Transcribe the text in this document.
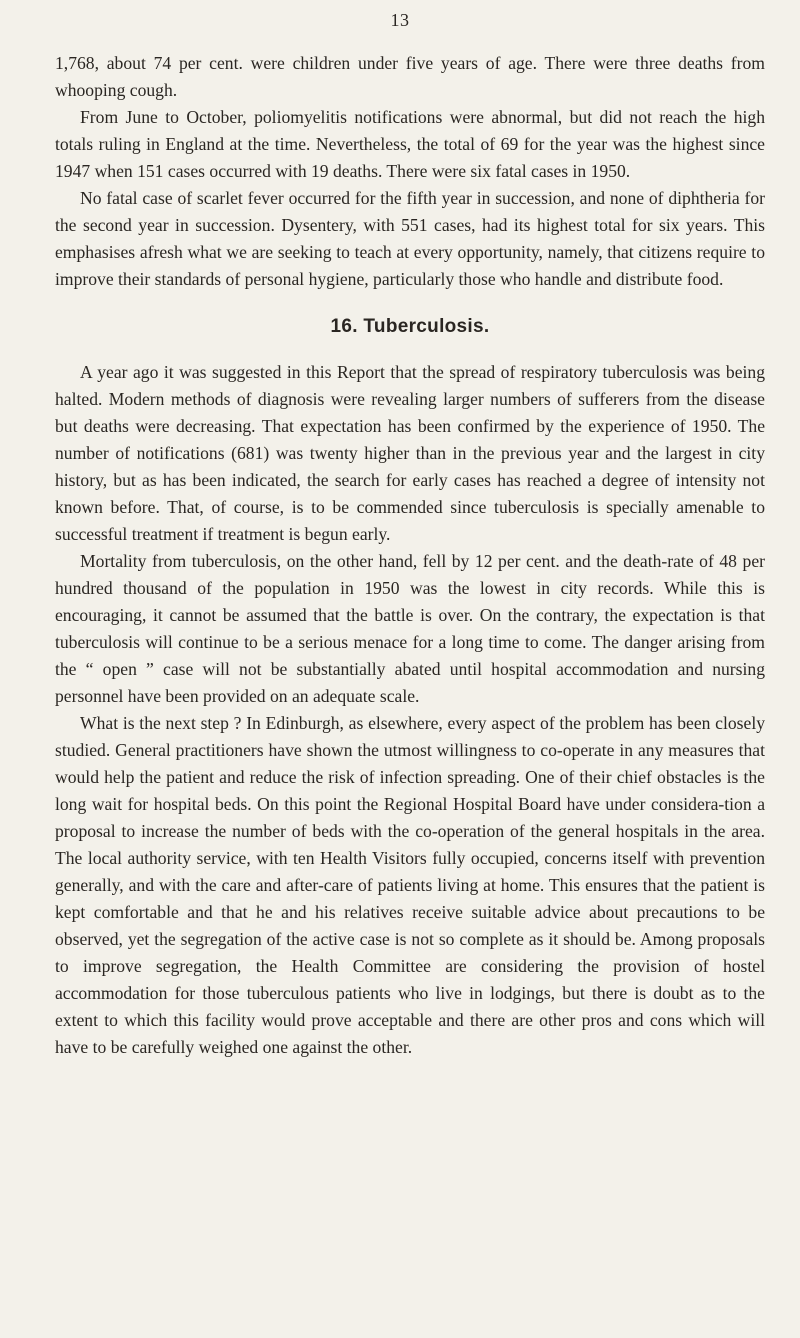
13

1,768, about 74 per cent. were children under five years of age. There were three deaths from whooping cough.

From June to October, poliomyelitis notifications were abnormal, but did not reach the high totals ruling in England at the time. Nevertheless, the total of 69 for the year was the highest since 1947 when 151 cases occurred with 19 deaths. There were six fatal cases in 1950.

No fatal case of scarlet fever occurred for the fifth year in succession, and none of diphtheria for the second year in succession. Dysentery, with 551 cases, had its highest total for six years. This emphasises afresh what we are seeking to teach at every opportunity, namely, that citizens require to improve their standards of personal hygiene, particularly those who handle and distribute food.

16. Tuberculosis.

A year ago it was suggested in this Report that the spread of respiratory tuberculosis was being halted. Modern methods of diagnosis were revealing larger numbers of sufferers from the disease but deaths were decreasing. That expectation has been confirmed by the experience of 1950. The number of notifications (681) was twenty higher than in the previous year and the largest in city history, but as has been indicated, the search for early cases has reached a degree of intensity not known before. That, of course, is to be commended since tuberculosis is specially amenable to successful treatment if treatment is begun early.

Mortality from tuberculosis, on the other hand, fell by 12 per cent. and the death-rate of 48 per hundred thousand of the population in 1950 was the lowest in city records. While this is encouraging, it cannot be assumed that the battle is over. On the contrary, the expectation is that tuberculosis will continue to be a serious menace for a long time to come. The danger arising from the “ open ” case will not be substantially abated until hospital accommodation and nursing personnel have been provided on an adequate scale.

What is the next step ? In Edinburgh, as elsewhere, every aspect of the problem has been closely studied. General practitioners have shown the utmost willingness to co-operate in any measures that would help the patient and reduce the risk of infection spreading. One of their chief obstacles is the long wait for hospital beds. On this point the Regional Hospital Board have under considera-tion a proposal to increase the number of beds with the co-operation of the general hospitals in the area. The local authority service, with ten Health Visitors fully occupied, concerns itself with prevention generally, and with the care and after-care of patients living at home. This ensures that the patient is kept comfortable and that he and his relatives receive suitable advice about precautions to be observed, yet the segregation of the active case is not so complete as it should be. Among proposals to improve segregation, the Health Committee are considering the provision of hostel accommodation for those tuberculous patients who live in lodgings, but there is doubt as to the extent to which this facility would prove acceptable and there are other pros and cons which will have to be carefully weighed one against the other.
